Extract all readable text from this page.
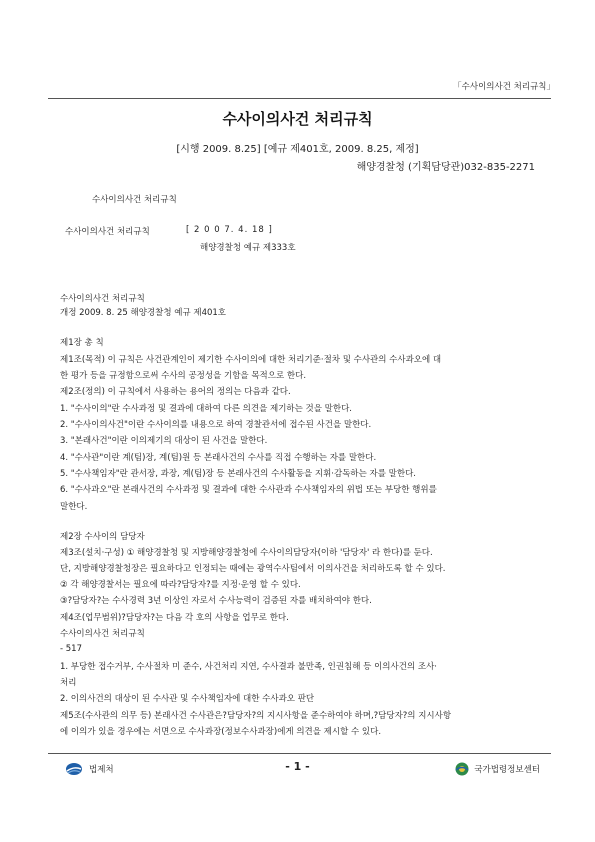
「수사이의사건 처리규칙」
수사이의사건 처리규칙
[시행 2009. 8.25] [예규 제401호, 2009. 8.25, 제정]
해양경찰청 (기획담당관)032-835-2271
수사이의사건 처리규칙
수사이의사건 처리규칙	[ 2 0 0 7. 4. 18 ]
해양경찰청 예규 제333호
수사이의사건 처리규칙
개정 2009. 8. 25 해양경찰청 예규 제401호
제1장 총 칙
제1조(목적) 이 규칙은 사건관계인이 제기한 수사이의에 대한 처리기준·절차 및 수사관의 수사과오에 대
한 평가 등을 규정함으로써 수사의 공정성을 기함을 목적으로 한다.
제2조(정의) 이 규칙에서 사용하는 용어의 정의는 다음과 같다.
1. "수사이의"란 수사과정 및 결과에 대하여 다른 의견을 제기하는 것을 말한다.
2. "수사이의사건"이란 수사이의를 내용으로 하여 경찰관서에 접수된 사건을 말한다.
3. "본래사건"이란 이의제기의 대상이 된 사건을 말한다.
4. "수사관"이란 계(팀)장, 계(팀)원 등 본래사건의 수사를 직접 수행하는 자를 말한다.
5. "수사책임자"란 관서장, 과장, 계(팀)장 등 본래사건의 수사활동을 지휘·감독하는 자를 말한다.
6. "수사과오"란 본래사건의 수사과정 및 결과에 대한 수사관과 수사책임자의 위법 또는 부당한 행위를
말한다.
제2장 수사이의 담당자
제3조(설치·구성) ① 해양경찰청 및 지방해양경찰청에 수사이의담당자(이하 '담당자' 라 한다)를 둔다.
단, 지방해양경찰청장은 필요하다고 인정되는 때에는 광역수사팀에서 이의사건을 처리하도록 할 수 있다.
② 각 해양경찰서는 필요에 따라?담당자?를 지정·운영 할 수 있다.
③?담당자?는 수사경력 3년 이상인 자로서 수사능력이 검증된 자를 배치하여야 한다.
제4조(업무범위)?담당자?는 다음 각 호의 사항을 업무로 한다.
수사이의사건 처리규칙
- 517
1. 부당한 접수거부, 수사절차 미 준수, 사건처리 지연, 수사결과 불만족, 인권침해 등 이의사건의 조사·
처리
2. 이의사건의 대상이 된 수사관 및 수사책임자에 대한 수사과오 판단
제5조(수사관의 의무 등) 본래사건 수사관은?담당자?의 지시사항을 준수하여야 하며,?담당자?의 지시사항
에 이의가 있을 경우에는 서면으로 수사과장(정보수사과장)에게 의견을 제시할 수 있다.
법제처	- 1 -	국가법령정보센터
